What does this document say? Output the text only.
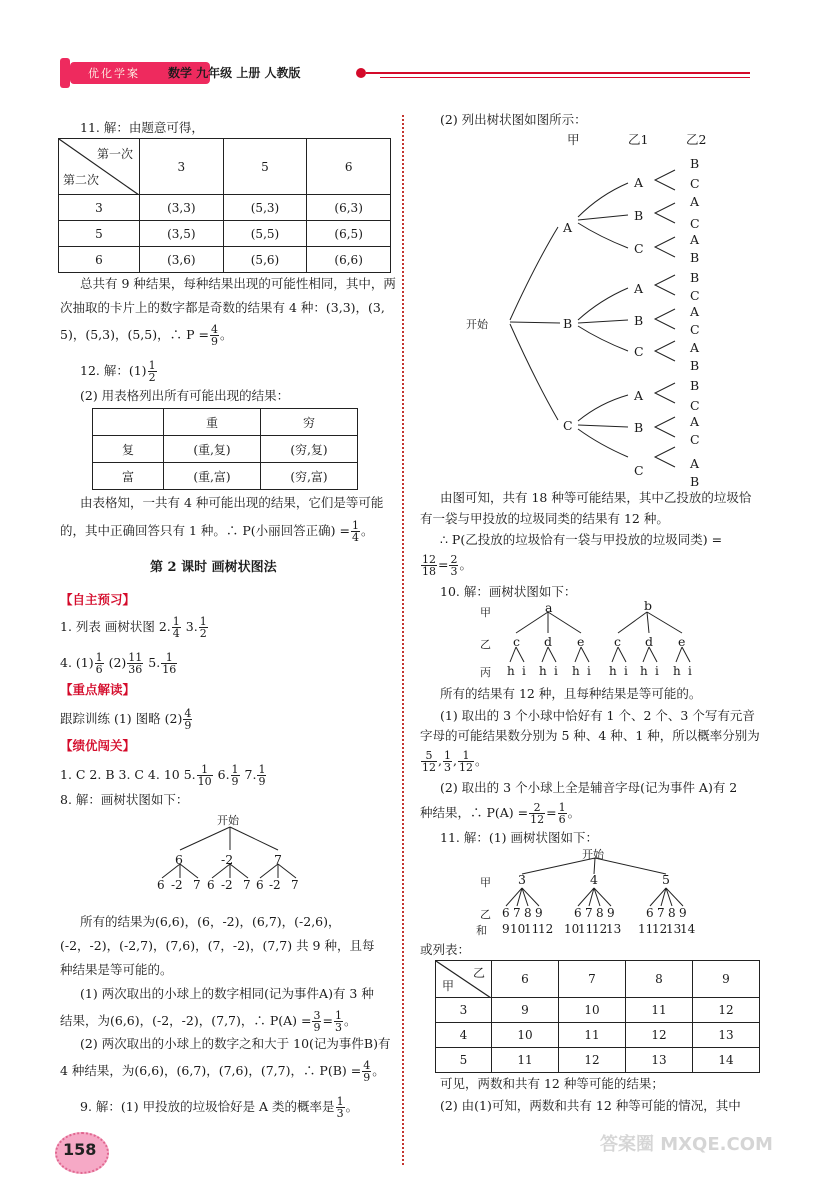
优化学案 数学 九年级 上册 人教版
11. 解：由题意可得，
第一次
第二次	3	5	6
3	(3,3)	(5,3)	(6,3)
5	(3,5)	(5,5)	(6,5)
6	(3,6)	(5,6)	(6,6)
总共有 9 种结果，每种结果出现的可能性相同，其中，两
次抽取的卡片上的数字都是奇数的结果有 4 种：(3,3)，(3,
5)，(5,3)，(5,5)，∴ $P = \frac{4}{9}$ 。
12. 解：$(1) \frac{1}{2}$
(2) 用表格列出所有可能出现的结果：
	重	穷
复	(重,复)	(穷,复)
富	(重,富)	(穷,富)
由表格知，一共有 4 种可能出现的结果，它们是等可能
的，其中正确回答只有 1 种。∴ P(小丽回答正确) = $\frac{1}{4}$ 。
第 2 课时 画树状图法
【自主预习】
1. 列表 画树状图 2. $\frac{1}{4} 3$. $\frac{1}{2}$
4. $(1) \frac{1}{6} (2) \frac{11}{36} 5$. $\frac{1}{16}$
【重点解读】
跟踪训练 (1) 图略 $(2) \frac{4}{9}$
【绩优闯关】
1. C 2. B 3. C 4. 10 5. $\frac{1}{10} 6$. $\frac{1}{9} 7$. $\frac{1}{9}$
8. 解：画树状图如下：
开始
6	-2	7
6 -2 7 6 -2 7 6 -2 7
所有的结果为(6,6)，(6，-2)，(6,7)，(-2,6)，
(-2，-2)，(-2,7)，(7,6)，(7，-2)，(7,7) 共 9 种，且每
种结果是等可能的。
(1) 两次取出的小球上的数字相同(记为事件A)有 3 种
结果，为(6,6)，(-2，-2)，(7,7)，∴ $P(A) = \frac{3}{9} = \frac{1}{3}$ 。
(2) 两次取出的小球上的数字之和大于 10(记为事件B)有
4 种结果，为(6,6)，(6,7)，(7,6)，(7,7)，∴ $P(B) = \frac{4}{9}$ 。
9. 解：(1) 甲投放的垃圾恰好是 A 类的概率是 $\frac{1}{3}$ 。
158
(2) 列出树状图如图所示：
甲	乙1	乙2
开始
A
B
C
A
B
C
A
B
C
A
B
C
B
C
A
C
A
B
B
C
A
C
A
B
B
C
A
C
A
B
由图可知，共有 18 种等可能结果，其中乙投放的垃圾恰
有一袋与甲投放的垃圾同类的结果有 12 种。
∴ P(乙投放的垃圾恰有一袋与甲投放的垃圾同类) =
$\frac{12}{18} = \frac{2}{3}$ 。
10. 解：画树状图如下：
甲
乙
丙
a	b
c d e c d e
h i h i h i h i h i h i
所有的结果有 12 种，且每种结果是等可能的。
(1) 取出的 3 个小球中恰好有 1 个、2 个、3 个写有元音
字母的可能结果数分别为 5 种、4 种、1 种，所以概率分别为
$\frac{5}{12}$ , $\frac{1}{3}$ , $\frac{1}{12}$ 。
(2) 取出的 3 个小球上全是辅音字母(记为事件 A)有 2
种结果，∴ $P(A) = \frac{2}{12} = \frac{1}{6}$ 。
11. 解：(1) 画树状图如下：
开始
甲 3	4	5
乙
和
6 7 8 9	6 7 8 9	6 7 8 9
9 10
11
12 10
11
12
13 11
12
13
14
或列表：
乙
甲	6	7	8	9
3	9	10	11	12
4	10	11	12	13
5	11	12	13	14
可见，两数和共有 12 种等可能的结果；
(2) 由(1)可知，两数和共有 12 种等可能的情况，其中
答案圈 MXQE.COM
